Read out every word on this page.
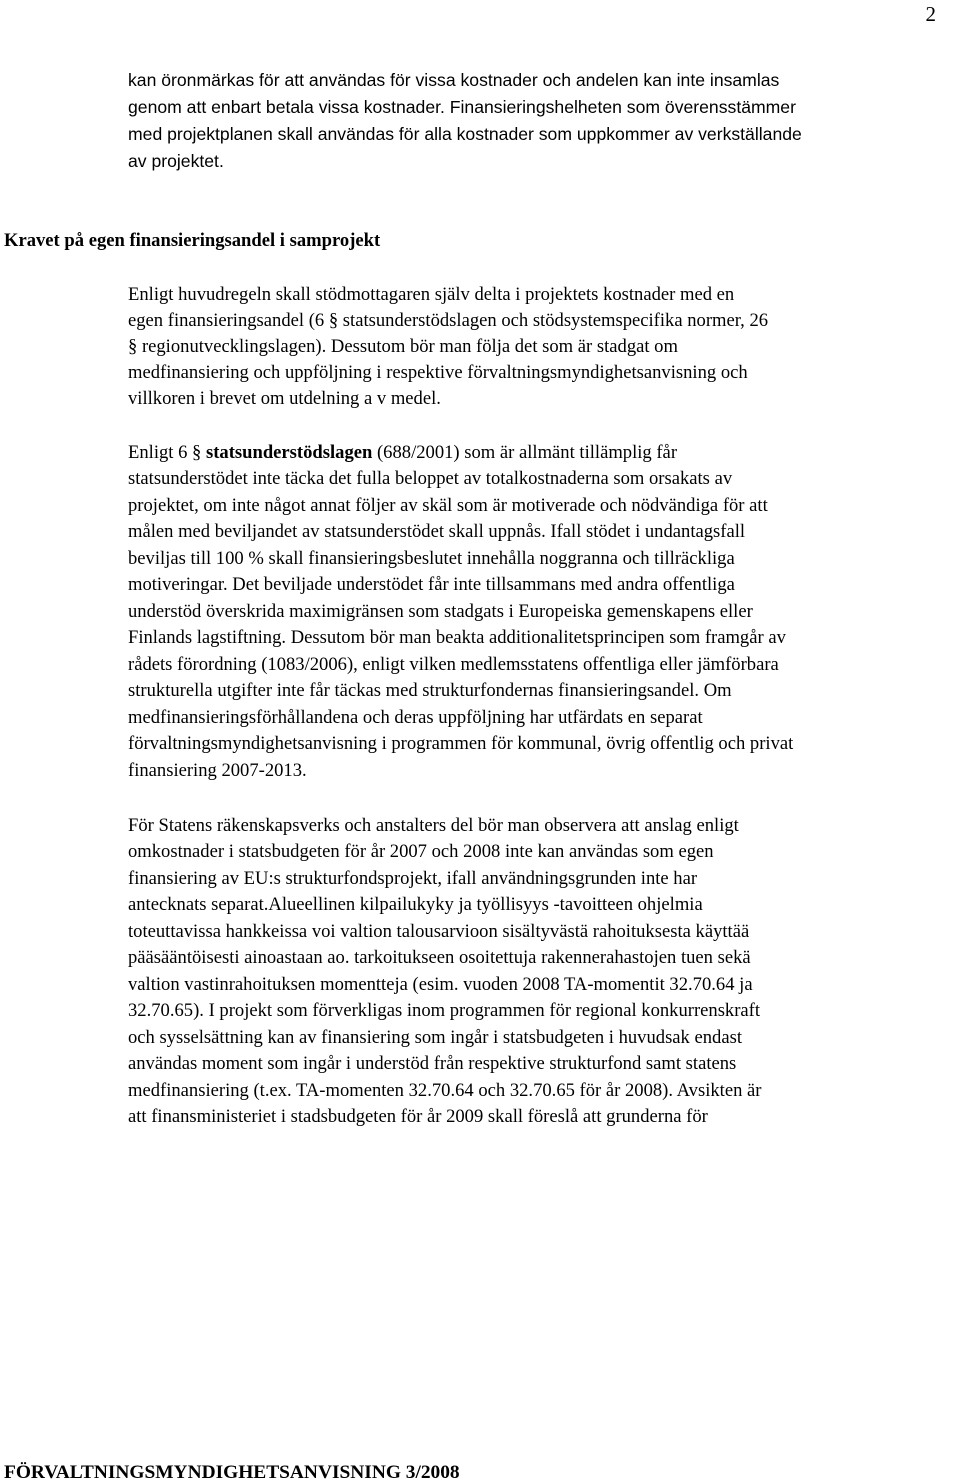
2
kan öronmärkas för att användas för vissa kostnader och andelen kan inte insamlas
genom att enbart betala vissa kostnader. Finansieringshelheten som överensstämmer
med projektplanen skall användas för alla kostnader som uppkommer av verkställande
av projektet.
Kravet på egen finansieringsandel i samprojekt
Enligt huvudregeln skall stödmottagaren själv delta i projektets kostnader med en
egen finansieringsandel (6 § statsunderstödslagen och stödsystemspecifika normer, 26
§ regionutvecklingslagen). Dessutom bör man följa det som är stadgat om
medfinansiering och uppföljning i respektive förvaltningsmyndighetsanvisning och
villkoren i brevet om utdelning a v medel.
Enligt 6 § statsunderstödslagen (688/2001) som är allmänt tillämplig får
statsunderstödet inte täcka det fulla beloppet av totalkostnaderna som orsakats av
projektet, om inte något annat följer av skäl som är motiverade och nödvändiga för att
målen med beviljandet av statsunderstödet skall uppnås. Ifall stödet i undantagsfall
beviljas till 100 % skall finansieringsbeslutet innehålla noggranna och tillräckliga
motiveringar. Det beviljade understödet får inte tillsammans med andra offentliga
understöd överskrida maximigränsen som stadgats i Europeiska gemenskapens eller
Finlands lagstiftning. Dessutom bör man beakta additionalitetsprincipen som framgår av
rådets förordning (1083/2006), enligt vilken medlemsstatens offentliga eller jämförbara
strukturella utgifter inte får täckas med strukturfondernas finansieringsandel. Om
medfinansieringsförhållandena och deras uppföljning har utfärdats en separat
förvaltningsmyndighetsanvisning i programmen för kommunal, övrig offentlig och privat
finansiering 2007-2013.
För Statens räkenskapsverks och anstalters del bör man observera att anslag enligt
omkostnader i statsbudgeten för år 2007 och 2008 inte kan användas som egen
finansiering av EU:s strukturfondsprojekt, ifall användningsgrunden inte har
antecknats separat.Alueellinen kilpailukyky ja työllisyys -tavoitteen ohjelmia
toteuttavissa hankkeissa voi valtion talousarvioon sisältyvästä rahoituksesta käyttää
pääsääntöisesti ainoastaan ao. tarkoitukseen osoitettuja rakennerahastojen tuen sekä
valtion vastinrahoituksen momentteja (esim. vuoden 2008 TA-momentit 32.70.64 ja
32.70.65). I projekt som förverkligas inom programmen för regional konkurrenskraft
och sysselsättning kan av finansiering som ingår i statsbudgeten i huvudsak endast
användas moment som ingår i understöd från respektive strukturfond samt statens
medfinansiering (t.ex. TA-momenten 32.70.64 och 32.70.65 för år 2008). Avsikten är
att finansministeriet i stadsbudgeten för år 2009 skall föreslå att grunderna för
FÖRVALTNINGSMYNDIGHETSANVISNING 3/2008
